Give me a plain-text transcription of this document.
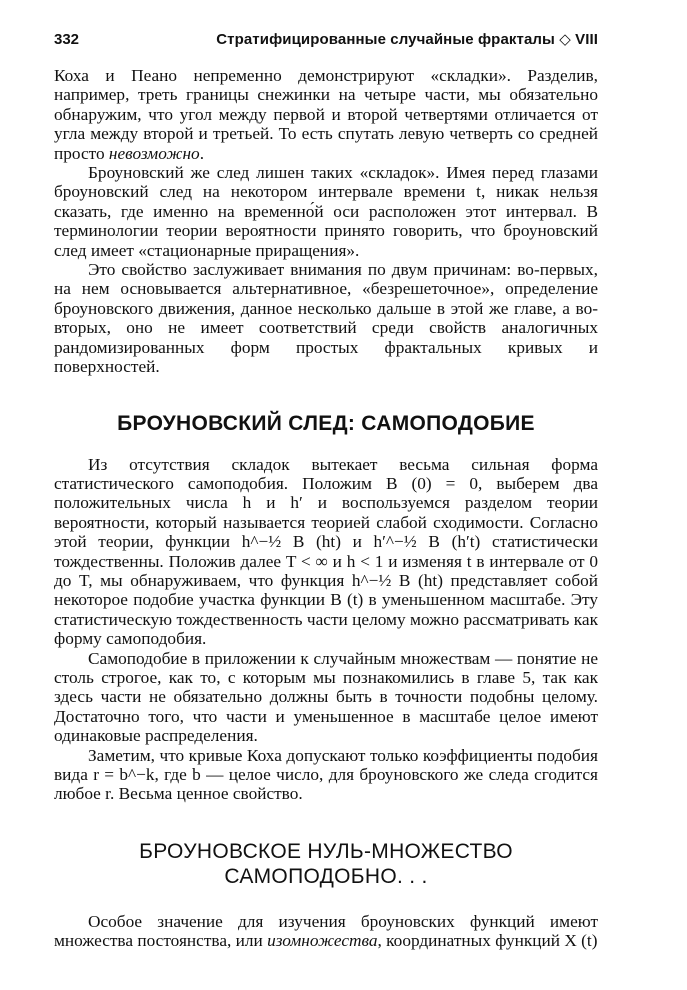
332	Стратифицированные случайные фракталы ◇ VIII

Коха и Пеано непременно демонстрируют «складки». Разделив, например, треть границы снежинки на четыре части, мы обязательно обнаружим, что угол между первой и второй четвертями отличается от угла между второй и третьей. То есть спутать левую четверть со средней просто невозможно.

Броуновский же след лишен таких «складок». Имея перед глазами броуновский след на некотором интервале времени t, никак нельзя сказать, где именно на временно́й оси расположен этот интервал. В терминологии теории вероятности принято говорить, что броуновский след имеет «стационарные приращения».

Это свойство заслуживает внимания по двум причинам: во-первых, на нем основывается альтернативное, «безрешеточное», определение броуновского движения, данное несколько дальше в этой же главе, а во-вторых, оно не имеет соответствий среди свойств аналогичных рандомизированных форм простых фрактальных кривых и поверхностей.

БРОУНОВСКИЙ СЛЕД: САМОПОДОБИЕ

Из отсутствия складок вытекает весьма сильная форма статистического самоподобия. Положим B (0) = 0, выберем два положительных числа h и h′ и воспользуемся разделом теории вероятности, который называется теорией слабой сходимости. Согласно этой теории, функции h^−½ B (ht) и h′^−½ B (h′t) статистически тождественны. Положив далее T < ∞ и h < 1 и изменяя t в интервале от 0 до T, мы обнаруживаем, что функция h^−½ B (ht) представляет собой некоторое подобие участка функции B (t) в уменьшенном масштабе. Эту статистическую тождественность части целому можно рассматривать как форму самоподобия.

Самоподобие в приложении к случайным множествам — понятие не столь строгое, как то, с которым мы познакомились в главе 5, так как здесь части не обязательно должны быть в точности подобны целому. Достаточно того, что части и уменьшенное в масштабе целое имеют одинаковые распределения.

Заметим, что кривые Коха допускают только коэффициенты подобия вида r = b^−k, где b — целое число, для броуновского же следа сгодится любое r. Весьма ценное свойство.

БРОУНОВСКОЕ НУЛЬ-МНОЖЕСТВО
САМОПОДОБНО. . .

Особое значение для изучения броуновских функций имеют множества постоянства, или изомножества, координатных функций X (t)
